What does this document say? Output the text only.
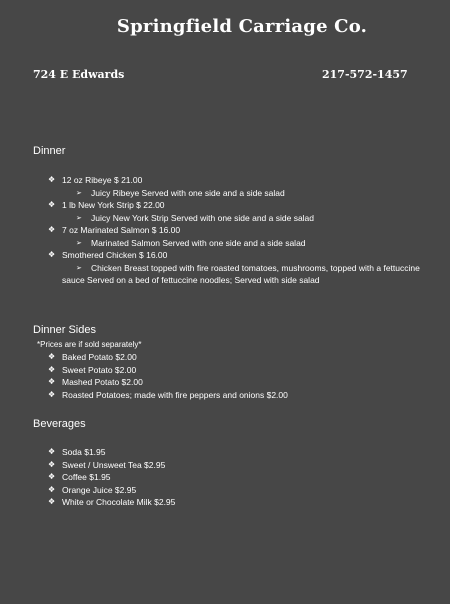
Springfield Carriage Co.
724 E Edwards	217-572-1457
Dinner
❖ 12 oz Ribeye $ 21.00
➢ Juicy Ribeye Served with one side and a side salad
❖ 1 lb New York Strip $ 22.00
➢ Juicy New York Strip Served with one side and a side salad
❖ 7 oz Marinated Salmon $ 16.00
➢ Marinated Salmon Served with one side and a side salad
❖ Smothered Chicken $ 16.00
➢ Chicken Breast topped with fire roasted tomatoes, mushrooms, topped with a fettuccine
sauce Served on a bed of fettuccine noodles; Served with side salad
Dinner Sides
*Prices are if sold separately*
❖ Baked Potato $2.00
❖ Sweet Potato $2.00
❖ Mashed Potato $2.00
❖ Roasted Potatoes; made with fire peppers and onions $2.00
Beverages
❖ Soda $1.95
❖ Sweet / Unsweet Tea $2.95
❖ Coffee $1.95
❖ Orange Juice $2.95
❖ White or Chocolate Milk $2.95
